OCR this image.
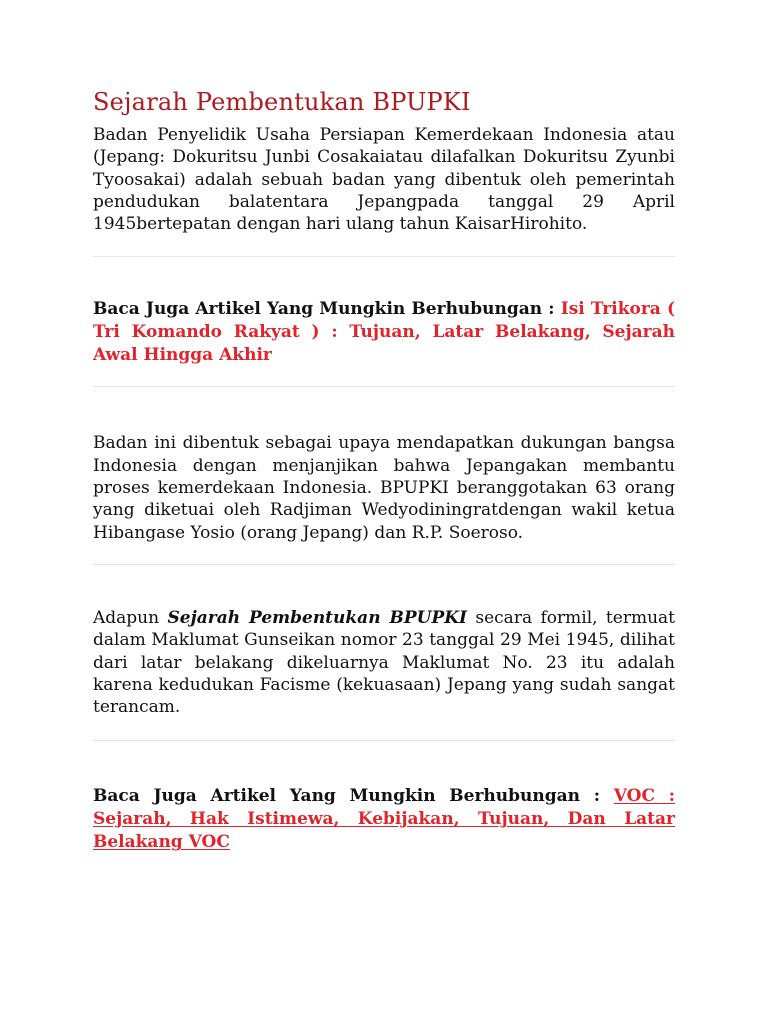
Sejarah Pembentukan BPUPKI

Badan Penyelidik Usaha Persiapan Kemerdekaan Indonesia atau (Jepang: Dokuritsu Junbi Cosakaiatau dilafalkan Dokuritsu Zyunbi Tyoosakai) adalah sebuah badan yang dibentuk oleh pemerintah pendudukan balatentara Jepangpada tanggal 29 April 1945bertepatan dengan hari ulang tahun KaisarHirohito.

Baca Juga Artikel Yang Mungkin Berhubungan : Isi Trikora ( Tri Komando Rakyat ) : Tujuan, Latar Belakang, Sejarah Awal Hingga Akhir

Badan ini dibentuk sebagai upaya mendapatkan dukungan bangsa Indonesia dengan menjanjikan bahwa Jepangakan membantu proses kemerdekaan Indonesia. BPUPKI beranggotakan 63 orang yang diketuai oleh Radjiman Wedyodiningratdengan wakil ketua Hibangase Yosio (orang Jepang) dan R.P. Soeroso.

Adapun Sejarah Pembentukan BPUPKI secara formil, termuat dalam Maklumat Gunseikan nomor 23 tanggal 29 Mei 1945, dilihat dari latar belakang dikeluarnya Maklumat No. 23 itu adalah karena kedudukan Facisme (kekuasaan) Jepang yang sudah sangat terancam.

Baca Juga Artikel Yang Mungkin Berhubungan : VOC : Sejarah, Hak Istimewa, Kebijakan, Tujuan, Dan Latar Belakang VOC
